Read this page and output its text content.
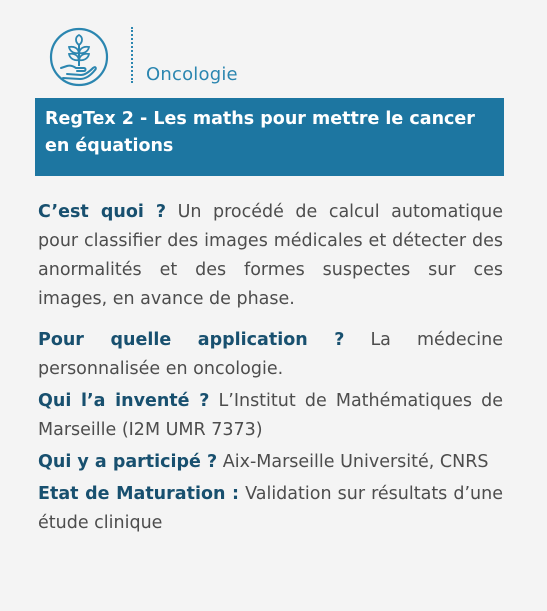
Oncologie
RegTex 2 - Les maths pour mettre le cancer en équations

C’est quoi ? Un procédé de calcul automatique pour classifier des images médicales et détecter des anormalités et des formes suspectes sur ces images, en avance de phase.

Pour quelle application ? La médecine personnalisée en oncologie.

Qui l’a inventé ? L’Institut de Mathématiques de Marseille (I2M UMR 7373)

Qui y a participé ? Aix-Marseille Université, CNRS

Etat de Maturation : Validation sur résultats d’une étude clinique
